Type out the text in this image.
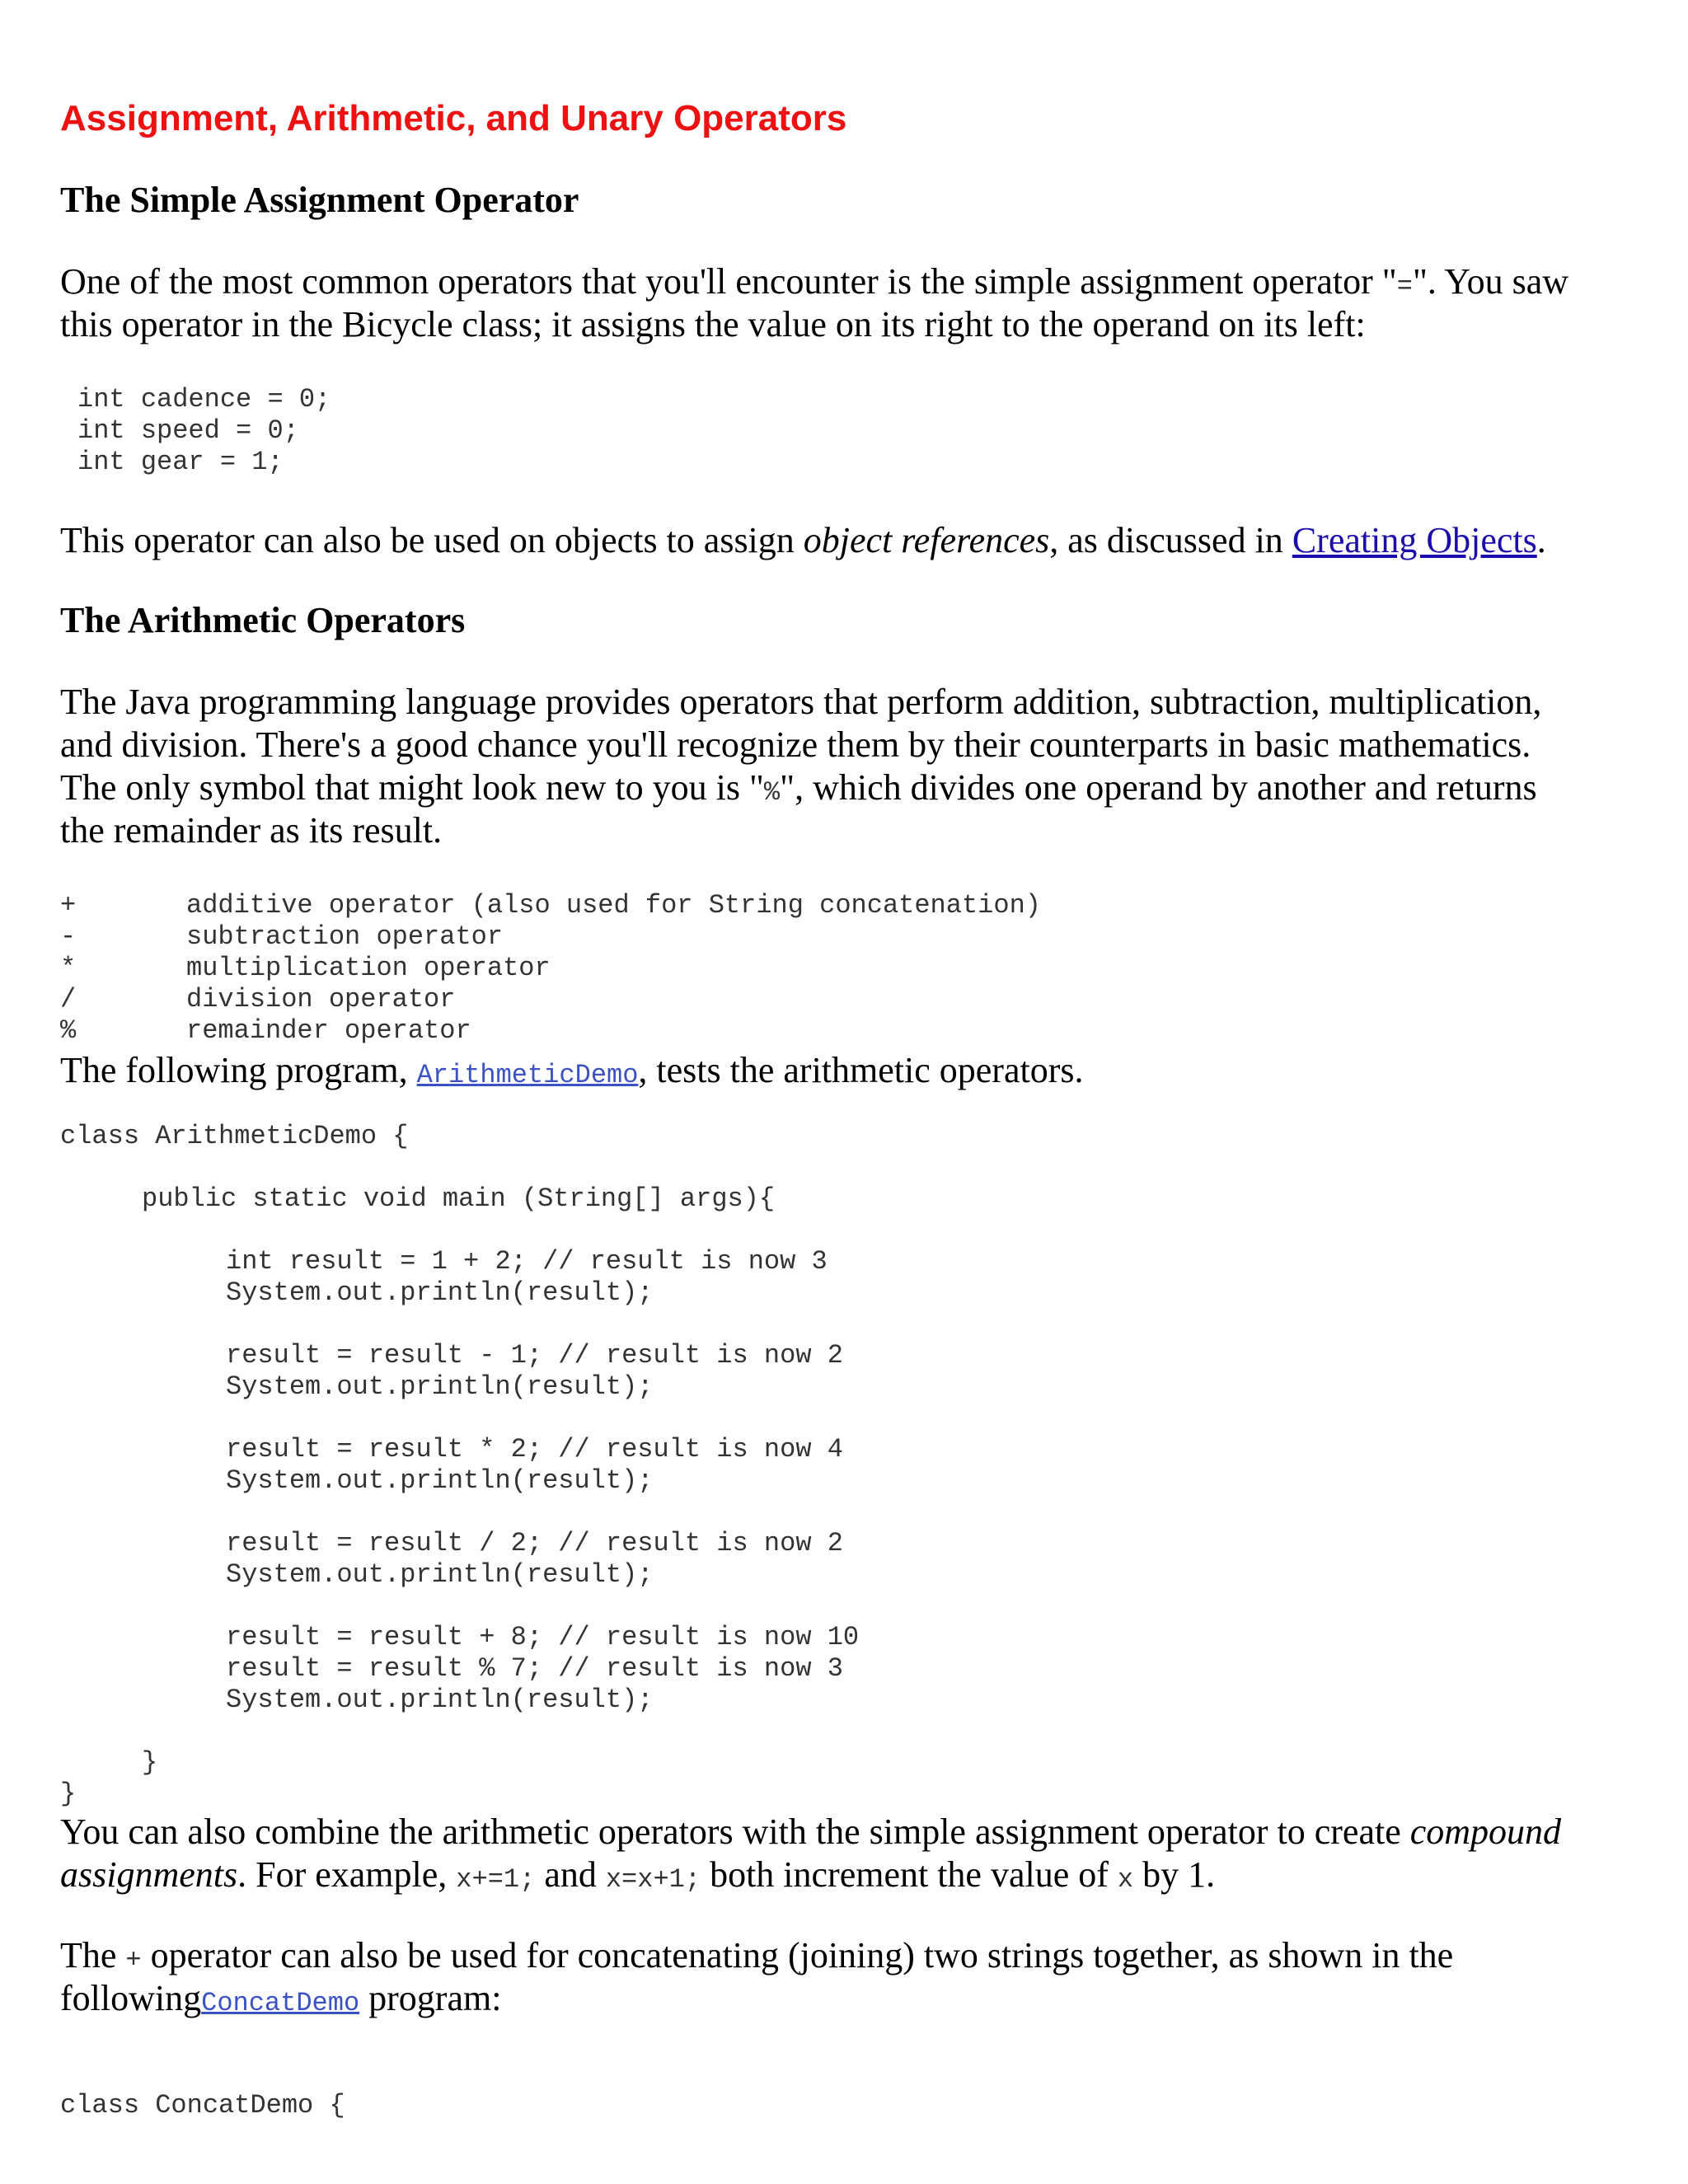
Assignment, Arithmetic, and Unary Operators
The Simple Assignment Operator

One of the most common operators that you'll encounter is the simple assignment operator "=". You saw

this operator in the Bicycle class; it assigns the value on its right to the operand on its left:

int cadence = 0;
int speed = 0;
int gear = 1;

This operator can also be used on objects to assign object references, as discussed in Creating Objects.

The Arithmetic Operators

The Java programming language provides operators that perform addition, subtraction, multiplication,

and division. There's a good chance you'll recognize them by their counterparts in basic mathematics.

The only symbol that might look new to you is "%", which divides one operand by another and returns

the remainder as its result.

+	additive operator (also used for String concatenation)
-	subtraction operator
*	multiplication operator
/	division operator
%	remainder operator

The following program, ArithmeticDemo, tests the arithmetic operators.

class ArithmeticDemo {
public static void main (String[] args){
int result = 1 + 2; // result is now 3
System.out.println(result);
result = result - 1; // result is now 2
System.out.println(result);
result = result * 2; // result is now 4
System.out.println(result);
result = result / 2; // result is now 2
System.out.println(result);
result = result + 8; // result is now 10
result = result % 7; // result is now 3
System.out.println(result);
}
}

You can also combine the arithmetic operators with the simple assignment operator to create compound

assignments. For example, x+=1; and x=x+1; both increment the value of x by 1.

The + operator can also be used for concatenating (joining) two strings together, as shown in the

followingConcatDemo program:

class ConcatDemo {
